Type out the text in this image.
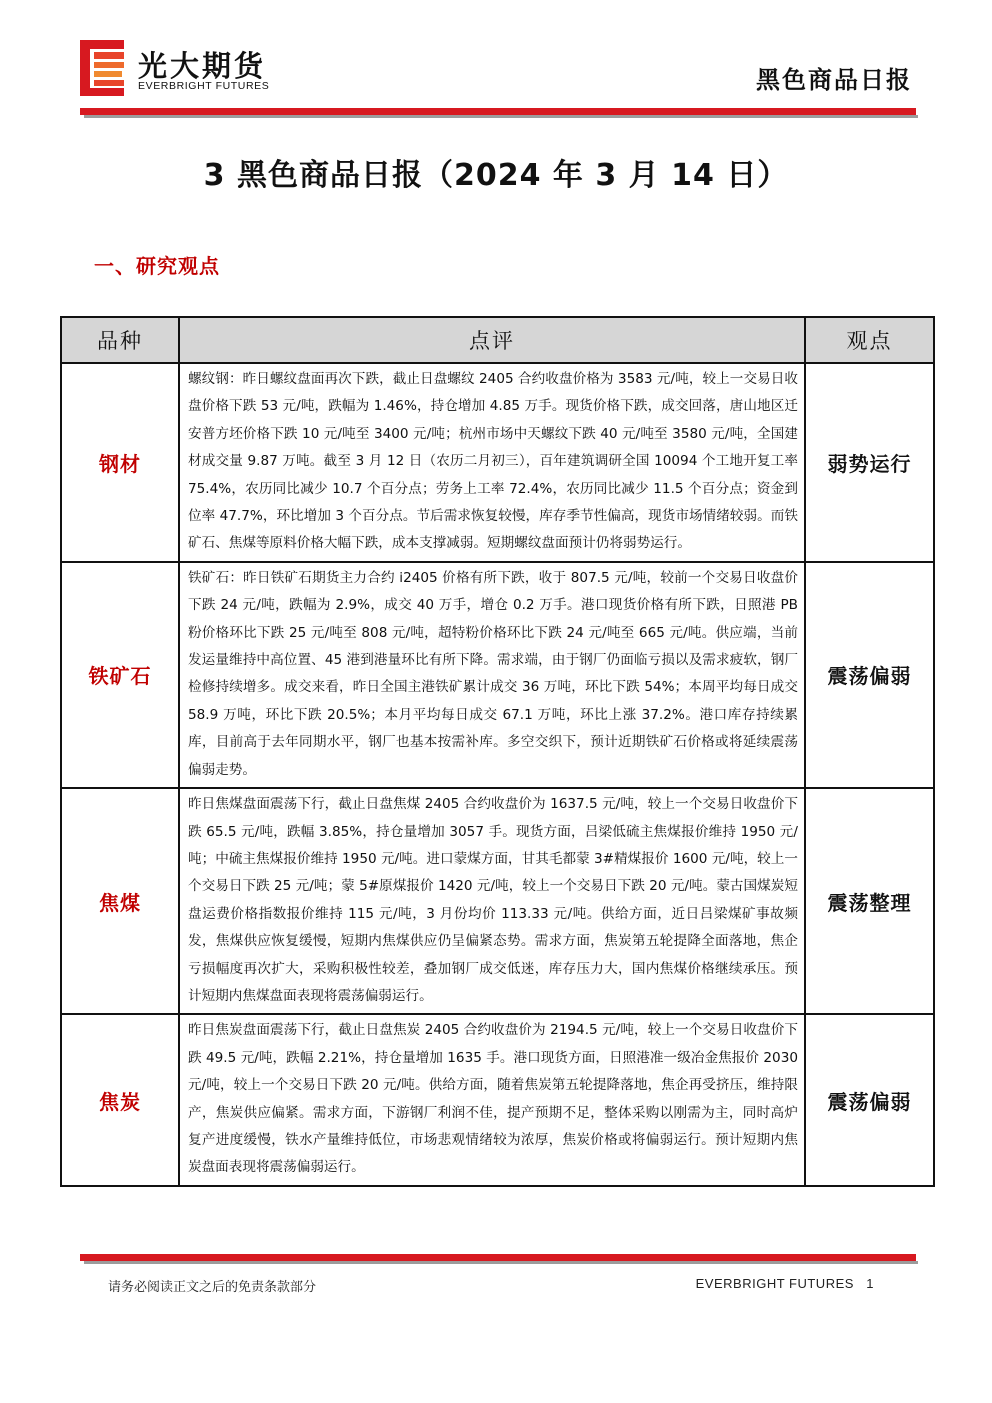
光大期货
EVERBRIGHT FUTURES	黑色商品日报
3 黑色商品日报（2024 年 3 月 14 日）
一、研究观点
品种	点评	观点
钢材	螺纹钢：昨日螺纹盘面再次下跌，截止日盘螺纹 2405 合约收盘价格为 3583 元/吨，较上一交易日收盘价格下跌 53 元/吨，跌幅为 1.46%，持仓增加 4.85 万手。现货价格下跌，成交回落，唐山地区迁安普方坯价格下跌 10 元/吨至 3400 元/吨；杭州市场中天螺纹下跌 40 元/吨至 3580 元/吨，全国建材成交量 9.87 万吨。截至 3 月 12 日（农历二月初三），百年建筑调研全国 10094 个工地开复工率 75.4%，农历同比减少 10.7 个百分点；劳务上工率 72.4%，农历同比减少 11.5 个百分点；资金到位率 47.7%，环比增加 3 个百分点。节后需求恢复较慢，库存季节性偏高，现货市场情绪较弱。而铁矿石、焦煤等原料价格大幅下跌，成本支撑减弱。短期螺纹盘面预计仍将弱势运行。	弱势运行
铁矿石	铁矿石：昨日铁矿石期货主力合约 i2405 价格有所下跌，收于 807.5 元/吨，较前一个交易日收盘价下跌 24 元/吨，跌幅为 2.9%，成交 40 万手，增仓 0.2 万手。港口现货价格有所下跌，日照港 PB 粉价格环比下跌 25 元/吨至 808 元/吨，超特粉价格环比下跌 24 元/吨至 665 元/吨。供应端，当前发运量维持中高位置、45 港到港量环比有所下降。需求端，由于钢厂仍面临亏损以及需求疲软，钢厂检修持续增多。成交来看，昨日全国主港铁矿累计成交 36 万吨，环比下跌 54%；本周平均每日成交 58.9 万吨，环比下跌 20.5%；本月平均每日成交 67.1 万吨，环比上涨 37.2%。港口库存持续累库，目前高于去年同期水平，钢厂也基本按需补库。多空交织下，预计近期铁矿石价格或将延续震荡偏弱走势。	震荡偏弱
焦煤	昨日焦煤盘面震荡下行，截止日盘焦煤 2405 合约收盘价为 1637.5 元/吨，较上一个交易日收盘价下跌 65.5 元/吨，跌幅 3.85%，持仓量增加 3057 手。现货方面，吕梁低硫主焦煤报价维持 1950 元/吨；中硫主焦煤报价维持 1950 元/吨。进口蒙煤方面，甘其毛都蒙 3#精煤报价 1600 元/吨，较上一个交易日下跌 25 元/吨；蒙 5#原煤报价 1420 元/吨，较上一个交易日下跌 20 元/吨。蒙古国煤炭短盘运费价格指数报价维持 115 元/吨，3 月份均价 113.33 元/吨。供给方面，近日吕梁煤矿事故频发，焦煤供应恢复缓慢，短期内焦煤供应仍呈偏紧态势。需求方面，焦炭第五轮提降全面落地，焦企亏损幅度再次扩大，采购积极性较差，叠加钢厂成交低迷，库存压力大，国内焦煤价格继续承压。预计短期内焦煤盘面表现将震荡偏弱运行。	震荡整理
焦炭	昨日焦炭盘面震荡下行，截止日盘焦炭 2405 合约收盘价为 2194.5 元/吨，较上一个交易日收盘价下跌 49.5 元/吨，跌幅 2.21%，持仓量增加 1635 手。港口现货方面，日照港准一级冶金焦报价 2030 元/吨，较上一个交易日下跌 20 元/吨。供给方面，随着焦炭第五轮提降落地，焦企再受挤压，维持限产，焦炭供应偏紧。需求方面，下游钢厂利润不佳，提产预期不足，整体采购以刚需为主，同时高炉复产进度缓慢，铁水产量维持低位，市场悲观情绪较为浓厚，焦炭价格或将偏弱运行。预计短期内焦炭盘面表现将震荡偏弱运行。	震荡偏弱
请务必阅读正文之后的免责条款部分	EVERBRIGHT FUTURES 1
